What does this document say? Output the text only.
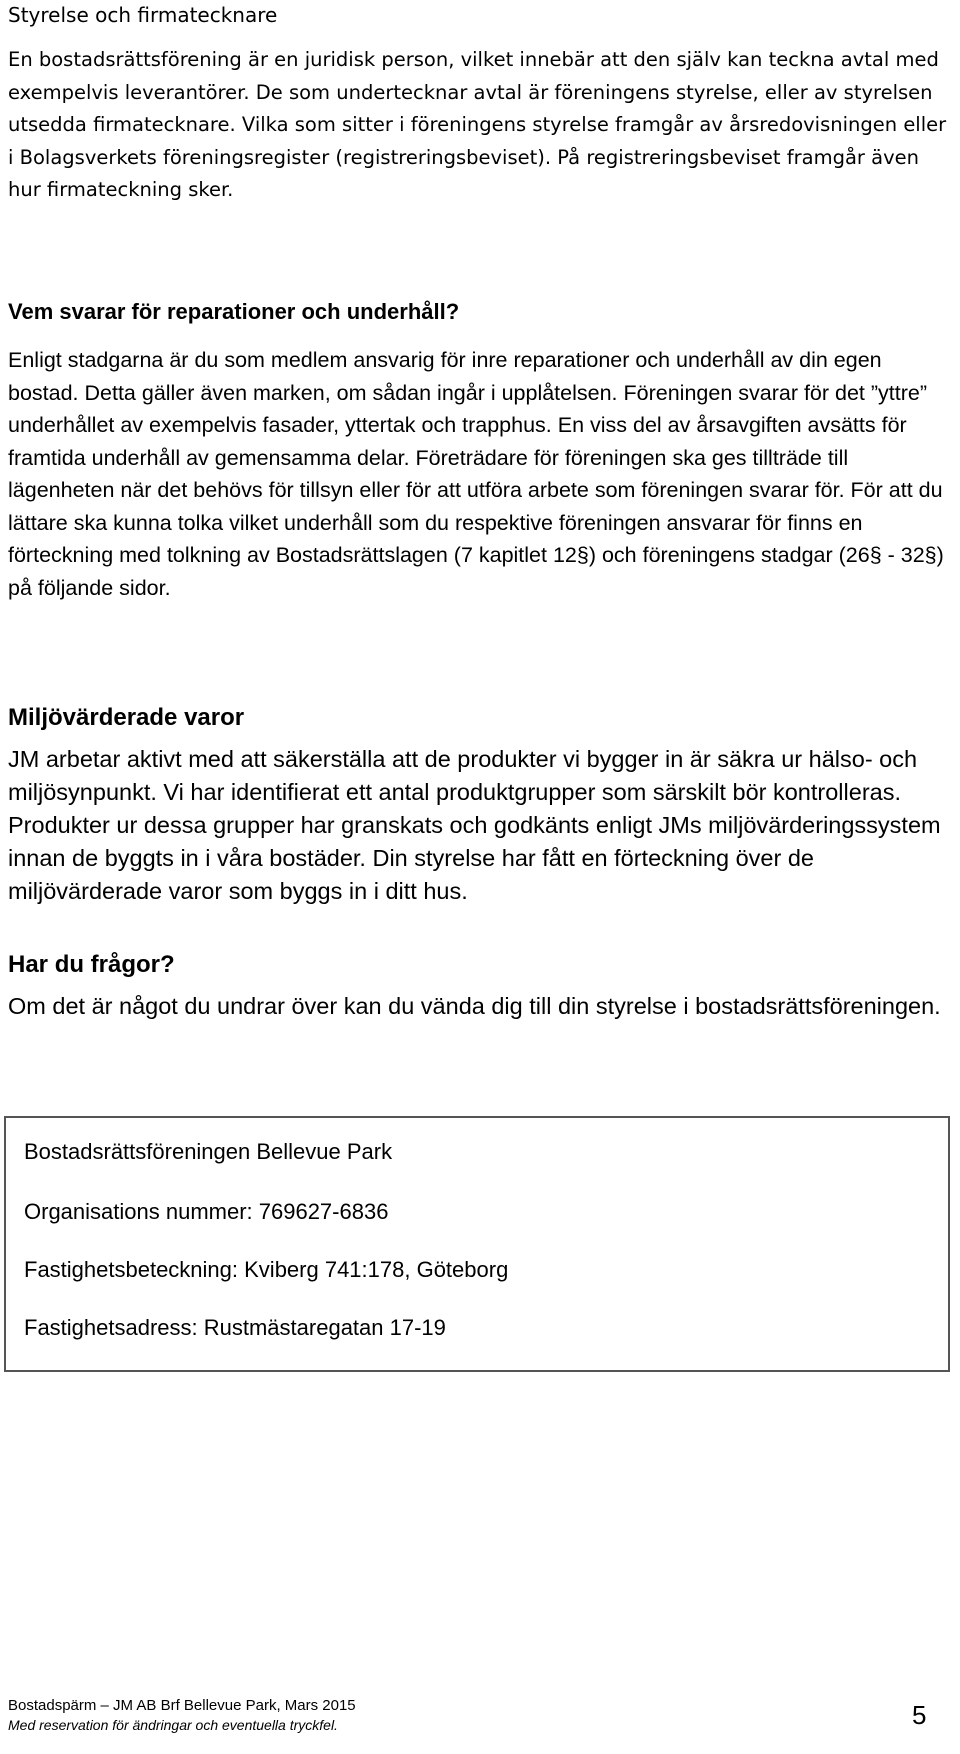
Styrelse och firmatecknare

En bostadsrättsförening är en juridisk person, vilket innebär att den själv kan teckna avtal med exempelvis leverantörer. De som undertecknar avtal är föreningens styrelse, eller av styrelsen utsedda firmatecknare. Vilka som sitter i föreningens styrelse framgår av årsredovisningen eller i Bolagsverkets föreningsregister (registreringsbeviset). På registreringsbeviset framgår även hur firmateckning sker.

Vem svarar för reparationer och underhåll?

Enligt stadgarna är du som medlem ansvarig för inre reparationer och underhåll av din egen bostad. Detta gäller även marken, om sådan ingår i upplåtelsen. Föreningen svarar för det ”yttre” underhållet av exempelvis fasader, yttertak och trapphus. En viss del av årsavgiften avsätts för framtida underhåll av gemensamma delar. Företrädare för föreningen ska ges tillträde till lägenheten när det behövs för tillsyn eller för att utföra arbete som föreningen svarar för. För att du lättare ska kunna tolka vilket underhåll som du respektive föreningen ansvarar för finns en förteckning med tolkning av Bostadsrättslagen (7 kapitlet 12§) och föreningens stadgar (26§ - 32§) på följande sidor.

Miljövärderade varor

JM arbetar aktivt med att säkerställa att de produkter vi bygger in är säkra ur hälso- och miljösynpunkt. Vi har identifierat ett antal produktgrupper som särskilt bör kontrolleras. Produkter ur dessa grupper har granskats och godkänts enligt JMs miljövärderingssystem innan de byggts in i våra bostäder. Din styrelse har fått en förteckning över de miljövärderade varor som byggs in i ditt hus.

Har du frågor?

Om det är något du undrar över kan du vända dig till din styrelse i bostadsrättsföreningen.

Bostadsrättsföreningen Bellevue Park

Organisations nummer: 769627-6836

Fastighetsbeteckning: Kviberg 741:178, Göteborg

Fastighetsadress: Rustmästaregatan 17-19

Bostadspärm – JM AB Brf Bellevue Park, Mars 2015

Med reservation för ändringar och eventuella tryckfel.	5
